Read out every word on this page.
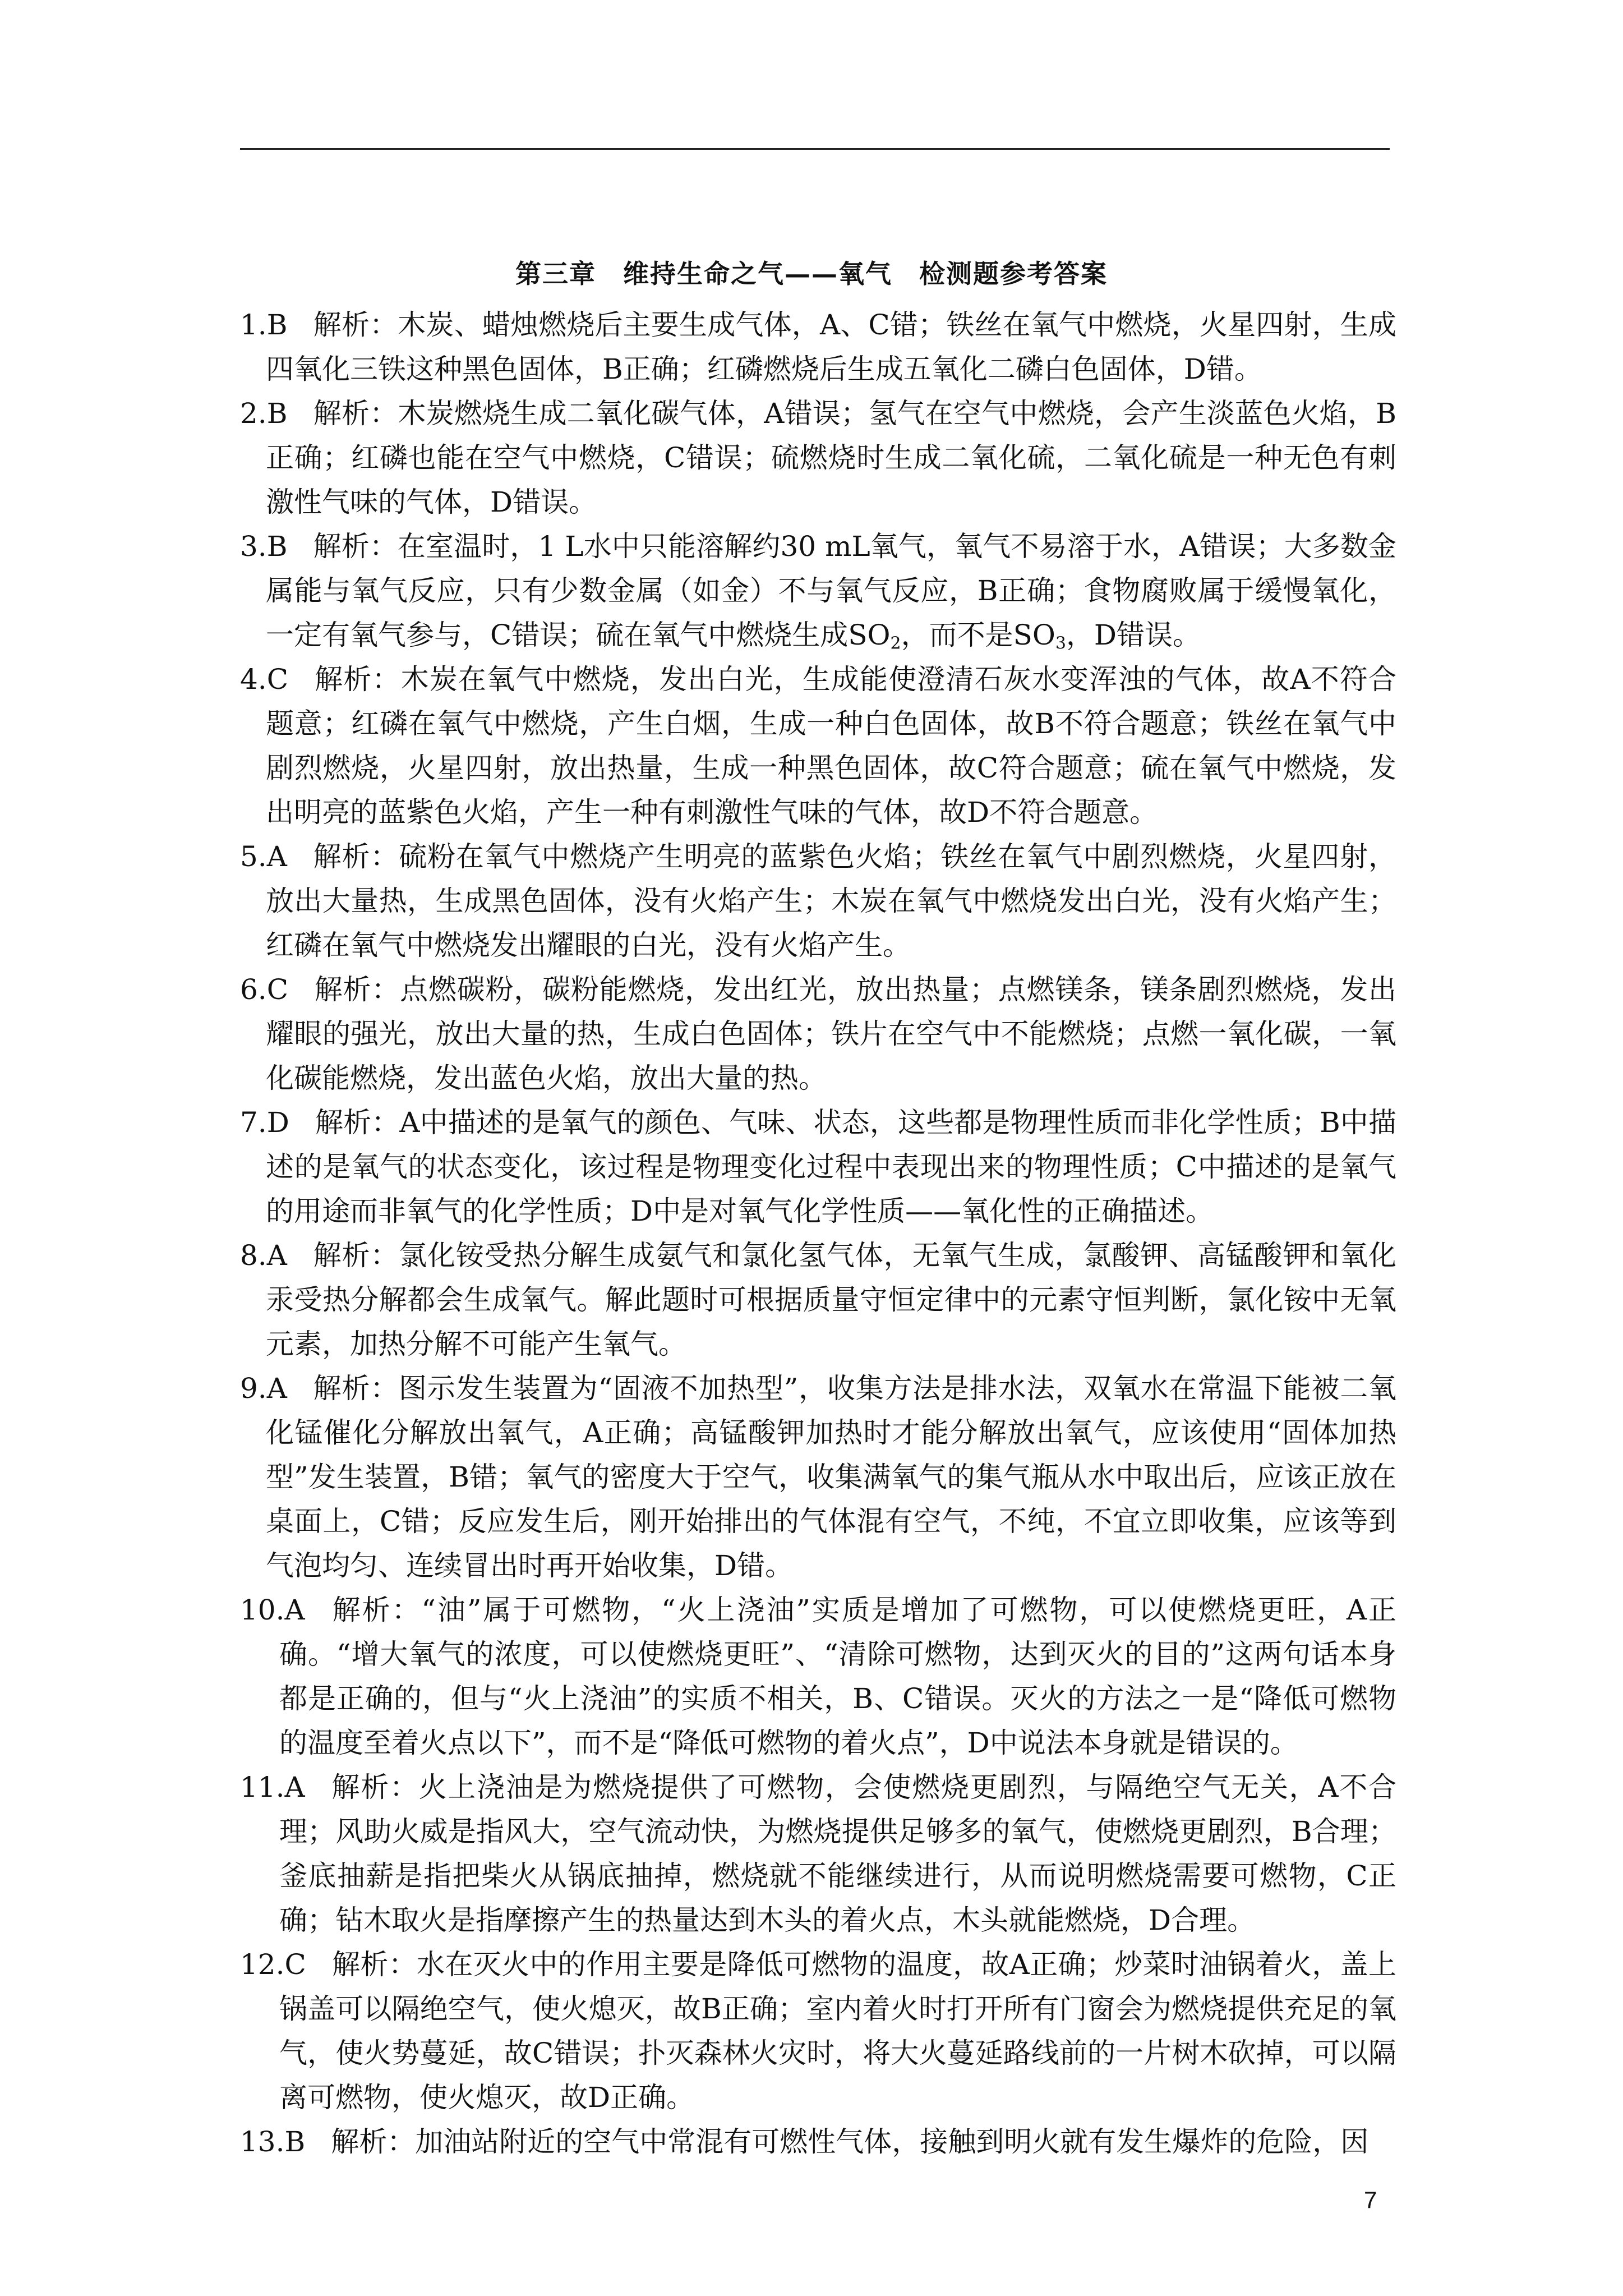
第三章　维持生命之气——氧气　检测题参考答案
1.B 解析：木炭、蜡烛燃烧后主要生成气体，A、C错；铁丝在氧气中燃烧，火星四射，生成四氧化三铁这种黑色固体，B正确；红磷燃烧后生成五氧化二磷白色固体，D错。
2.B 解析：木炭燃烧生成二氧化碳气体，A错误；氢气在空气中燃烧，会产生淡蓝色火焰，B正确；红磷也能在空气中燃烧，C错误；硫燃烧时生成二氧化硫，二氧化硫是一种无色有刺激性气味的气体，D错误。
3.B 解析：在室温时，1 L水中只能溶解约30 mL氧气，氧气不易溶于水，A错误；大多数金属能与氧气反应，只有少数金属（如金）不与氧气反应，B正确；食物腐败属于缓慢氧化，一定有氧气参与，C错误；硫在氧气中燃烧生成$SO_2$，而不是$SO_3$，D错误。
4.C 解析：木炭在氧气中燃烧，发出白光，生成能使澄清石灰水变浑浊的气体，故A不符合题意；红磷在氧气中燃烧，产生白烟，生成一种白色固体，故B不符合题意；铁丝在氧气中剧烈燃烧，火星四射，放出热量，生成一种黑色固体，故C符合题意；硫在氧气中燃烧，发出明亮的蓝紫色火焰，产生一种有刺激性气味的气体，故D不符合题意。
5.A 解析：硫粉在氧气中燃烧产生明亮的蓝紫色火焰；铁丝在氧气中剧烈燃烧，火星四射，放出大量热，生成黑色固体，没有火焰产生；木炭在氧气中燃烧发出白光，没有火焰产生；红磷在氧气中燃烧发出耀眼的白光，没有火焰产生。
6.C 解析：点燃碳粉，碳粉能燃烧，发出红光，放出热量；点燃镁条，镁条剧烈燃烧，发出耀眼的强光，放出大量的热，生成白色固体；铁片在空气中不能燃烧；点燃一氧化碳，一氧化碳能燃烧，发出蓝色火焰，放出大量的热。
7.D 解析：A中描述的是氧气的颜色、气味、状态，这些都是物理性质而非化学性质；B中描述的是氧气的状态变化，该过程是物理变化过程中表现出来的物理性质；C中描述的是氧气的用途而非氧气的化学性质；D中是对氧气化学性质——氧化性的正确描述。
8.A 解析：氯化铵受热分解生成氨气和氯化氢气体，无氧气生成，氯酸钾、高锰酸钾和氧化汞受热分解都会生成氧气。解此题时可根据质量守恒定律中的元素守恒判断，氯化铵中无氧元素，加热分解不可能产生氧气。
9.A 解析：图示发生装置为“固液不加热型”，收集方法是排水法，双氧水在常温下能被二氧化锰催化分解放出氧气，A正确；高锰酸钾加热时才能分解放出氧气，应该使用“固体加热型”发生装置，B错；氧气的密度大于空气，收集满氧气的集气瓶从水中取出后，应该正放在桌面上，C错；反应发生后，刚开始排出的气体混有空气，不纯，不宜立即收集，应该等到气泡均匀、连续冒出时再开始收集，D错。
10.A 解析：“油”属于可燃物，“火上浇油”实质是增加了可燃物，可以使燃烧更旺，A正确。“增大氧气的浓度，可以使燃烧更旺”、“清除可燃物，达到灭火的目的”这两句话本身都是正确的，但与“火上浇油”的实质不相关，B、C错误。灭火的方法之一是“降低可燃物的温度至着火点以下”，而不是“降低可燃物的着火点”，D中说法本身就是错误的。
11.A 解析：火上浇油是为燃烧提供了可燃物，会使燃烧更剧烈，与隔绝空气无关，A不合理；风助火威是指风大，空气流动快，为燃烧提供足够多的氧气，使燃烧更剧烈，B合理；釜底抽薪是指把柴火从锅底抽掉，燃烧就不能继续进行，从而说明燃烧需要可燃物，C正确；钻木取火是指摩擦产生的热量达到木头的着火点，木头就能燃烧，D合理。
12.C 解析：水在灭火中的作用主要是降低可燃物的温度，故A正确；炒菜时油锅着火，盖上锅盖可以隔绝空气，使火熄灭，故B正确；室内着火时打开所有门窗会为燃烧提供充足的氧气，使火势蔓延，故C错误；扑灭森林火灾时，将大火蔓延路线前的一片树木砍掉，可以隔离可燃物，使火熄灭，故D正确。
13.B 解析：加油站附近的空气中常混有可燃性气体，接触到明火就有发生爆炸的危险，因
7
